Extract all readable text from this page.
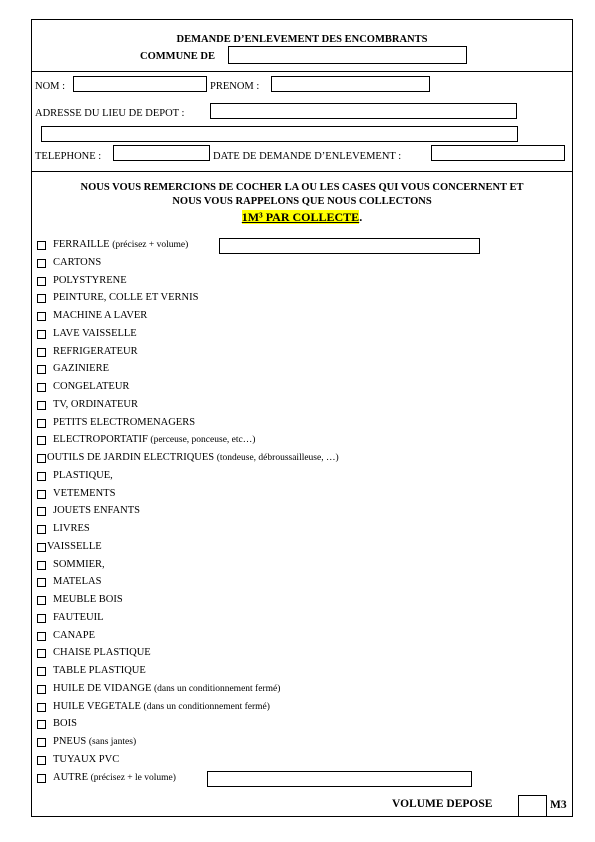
DEMANDE D’ENLEVEMENT DES ENCOMBRANTS
COMMUNE DE
NOM :	PRENOM :
ADRESSE DU LIEU DE DEPOT :
TELEPHONE :	DATE DE DEMANDE D’ENLEVEMENT :
NOUS VOUS REMERCIONS DE COCHER LA OU LES CASES QUI VOUS CONCERNENT ET
NOUS VOUS RAPPELONS QUE NOUS COLLECTONS
1M³ PAR COLLECTE.
FERRAILLE (précisez + volume)
CARTONS
POLYSTYRENE
PEINTURE, COLLE ET VERNIS
MACHINE A LAVER
LAVE VAISSELLE
REFRIGERATEUR
GAZINIERE
CONGELATEUR
TV, ORDINATEUR
PETITS ELECTROMENAGERS
ELECTROPORTATIF (perceuse, ponceuse, etc…)
OUTILS DE JARDIN ELECTRIQUES (tondeuse, débroussailleuse, …)
PLASTIQUE,
VETEMENTS
JOUETS ENFANTS
LIVRES
VAISSELLE
SOMMIER,
MATELAS
MEUBLE BOIS
FAUTEUIL
CANAPE
CHAISE PLASTIQUE
TABLE PLASTIQUE
HUILE DE VIDANGE (dans un conditionnement fermé)
HUILE VEGETALE (dans un conditionnement fermé)
BOIS
PNEUS (sans jantes)
TUYAUX PVC
AUTRE (précisez + le volume)
VOLUME DEPOSE	M3
